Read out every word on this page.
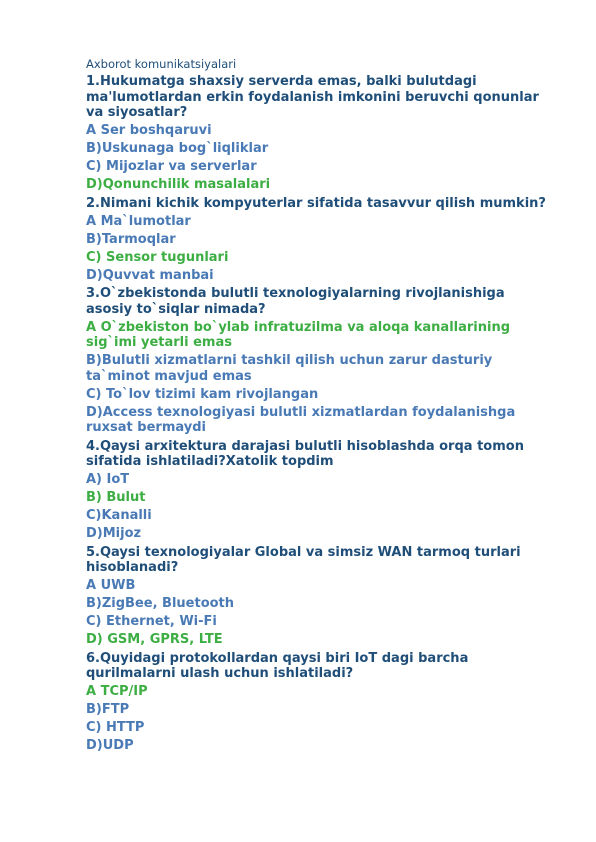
Axborot komunikatsiyalari
1.Hukumatga shaxsiy serverda emas, balki bulutdagi ma'lumotlardan erkin foydalanish imkonini beruvchi qonunlar va siyosatlar?
A Ser boshqaruvi
B)Uskunaga bog`liqliklar
C) Mijozlar va serverlar
D)Qonunchilik masalalari
2.Nimani kichik kompyuterlar sifatida tasavvur qilish mumkin?
A Ma`lumotlar
B)Tarmoqlar
C) Sensor tugunlari
D)Quvvat manbai
3.O`zbekistonda bulutli texnologiyalarning rivojlanishiga asosiy to`siqlar nimada?
A O`zbekiston bo`ylab infratuzilma va aloqa kanallarining sig`imi yetarli emas
B)Bulutli xizmatlarni tashkil qilish uchun zarur dasturiy ta`minot mavjud emas
C) To`lov tizimi kam rivojlangan
D)Access texnologiyasi bulutli xizmatlardan foydalanishga ruxsat bermaydi
4.Qaysi arxitektura darajasi bulutli hisoblashda orqa tomon sifatida ishlatiladi?Xatolik topdim
A) IoT
B) Bulut
C)Kanalli
D)Mijoz
5.Qaysi texnologiyalar Global va simsiz WAN tarmoq turlari hisoblanadi?
A UWB
B)ZigBee, Bluetooth
C) Ethernet, Wi-Fi
D) GSM, GPRS, LTE
6.Quyidagi protokollardan qaysi biri IoT dagi barcha qurilmalarni ulash uchun ishlatiladi?
A TCP/IP
B)FTP
C) HTTP
D)UDP
